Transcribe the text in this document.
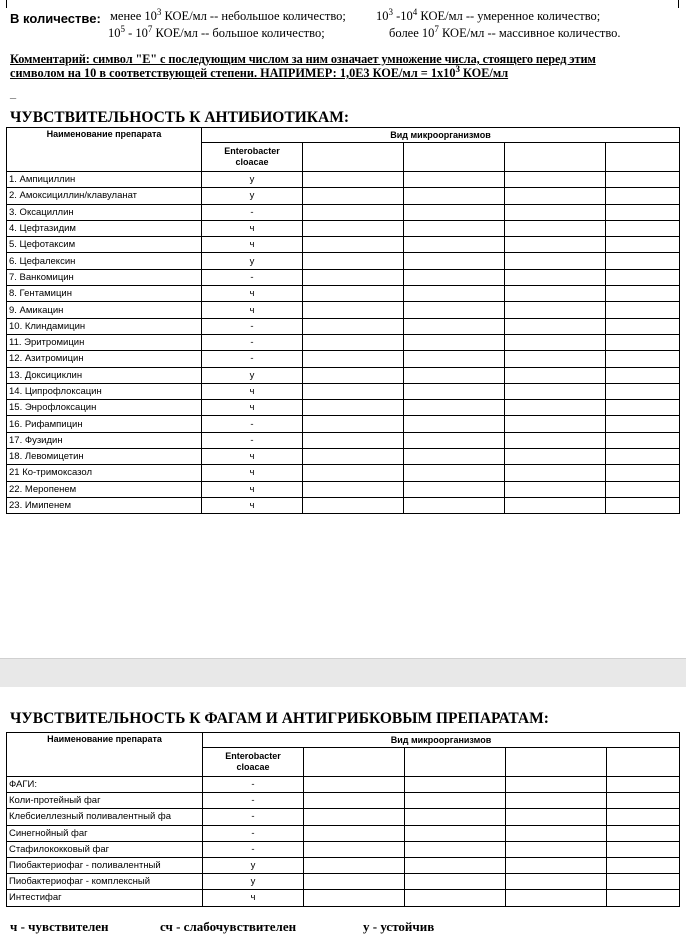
В количестве: менее $10^3$ КОЕ/мл -- небольшое количество; $10^3$ $-10^4$ КОЕ/мл -- умеренное количество;
$10^5 - 10^7$ КОЕ/мл -- большое количество;	более $10^7$ КОЕ/мл -- массивное количество.
Комментарий: символ "Е" с последующим числом за ним означает умножение числа, стоящего перед этим
символом на 10 в соответствующей степени. НАПРИМЕР: 1,0Е3 $КОЕ/мл = 1х10^3$ КОЕ/мл
_
ЧУВСТВИТЕЛЬНОСТЬ К АНТИБИОТИКАМ:
Наименование препарата	Вид микроорганизмов				
	Enterobacter
cloacae				
1. Ампициллин	у				
2. Амоксициллин/клавуланат	у				
3. Оксациллин	-				
4. Цефтазидим	ч				
5. Цефотаксим	ч				
6. Цефалексин	у				
7. Ванкомицин	-				
8. Гентамицин	ч				
9. Амикацин	ч				
10. Клиндамицин	-				
11. Эритромицин	-				
12. Азитромицин	-				
13. Доксициклин	у				
14. Ципрофлоксацин	ч				
15. Энрофлоксацин	ч				
16. Рифампицин	-				
17. Фузидин	-				
18. Левомицетин	ч				
21 Ко-тримоксазол	ч				
22. Меропенем	ч				
23. Имипенем	ч				
ЧУВСТВИТЕЛЬНОСТЬ К ФАГАМ И АНТИГРИБКОВЫМ ПРЕПАРАТАМ:
Наименование препарата	Вид микроорганизмов				
	Enterobacter
cloacae				
ФАГИ:	-				
Коли-протейный фаг	-				
Клебсиеллезный поливалентный фа	-				
Синегнойный фаг	-				
Стафилококковый фаг	-				
Пиобактериофаг - поливалентный	у				
Пиобактериофаг - комплексный	у				
Интестифаг	ч				
ч - чувствителен	сч - слабочувствителен	у - устойчив
